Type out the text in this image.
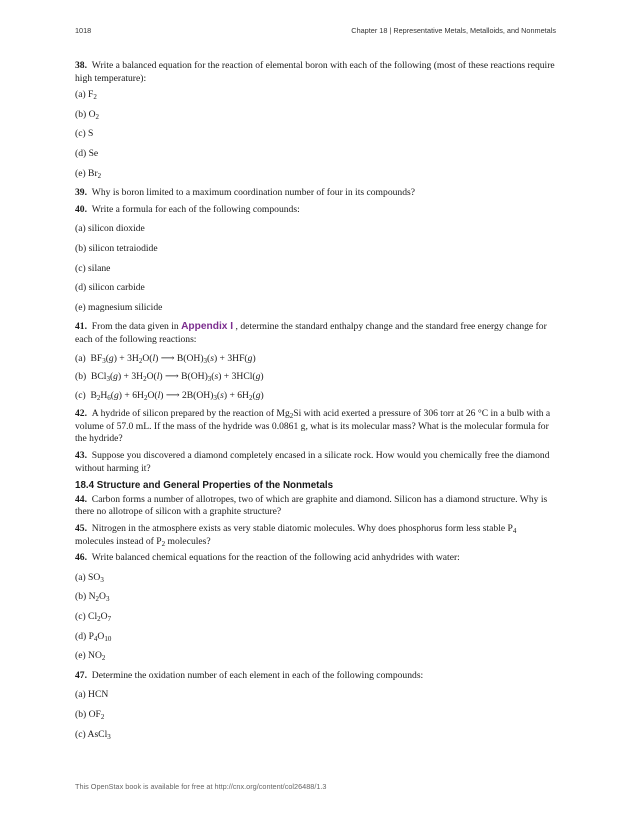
1018	Chapter 18 | Representative Metals, Metalloids, and Nonmetals

38. Write a balanced equation for the reaction of elemental boron with each of the following (most of these reactions require high temperature):

(a) $F_2$

(b) $O_2$

(c) S

(d) Se

(e) $Br_2$

39. Why is boron limited to a maximum coordination number of four in its compounds?

40. Write a formula for each of the following compounds:

(a) silicon dioxide

(b) silicon tetraiodide

(c) silane

(d) silicon carbide

(e) magnesium silicide

41. From the data given in Appendix I , determine the standard enthalpy change and the standard free energy change for each of the following reactions:

(a)  $BF_3(g) + 3H_2O(l)$ ⟶ $B(OH)_3(s) + 3HF(g)$

(b)  $BCl_3(g) + 3H_2O(l)$ ⟶ $B(OH)_3(s) + 3HCl(g)$

(c)  $B_2H_6(g) + 6H_2O(l)$ ⟶ $2B(OH)_3(s) + 6H_2(g)$

42. A hydride of silicon prepared by the reaction of $Mg_2Si$ with acid exerted a pressure of 306 torr at 26 °C in a bulb with a volume of 57.0 mL. If the mass of the hydride was 0.0861 g, what is its molecular mass? What is the molecular formula for the hydride?

43. Suppose you discovered a diamond completely encased in a silicate rock. How would you chemically free the diamond without harming it?

18.4 Structure and General Properties of the Nonmetals

44. Carbon forms a number of allotropes, two of which are graphite and diamond. Silicon has a diamond structure. Why is there no allotrope of silicon with a graphite structure?

45. Nitrogen in the atmosphere exists as very stable diatomic molecules. Why does phosphorus form less stable $P_4$ molecules instead of $P_2$ molecules?

46. Write balanced chemical equations for the reaction of the following acid anhydrides with water:

(a) $SO_3$

(b) $N_2O_3$

(c) $Cl_2O_7$

(d) $P_4O_{10}$

(e) $NO_2$

47. Determine the oxidation number of each element in each of the following compounds:

(a) HCN

(b) $OF_2$

(c) AsCl$_3$

This OpenStax book is available for free at http://cnx.org/content/col26488/1.3
